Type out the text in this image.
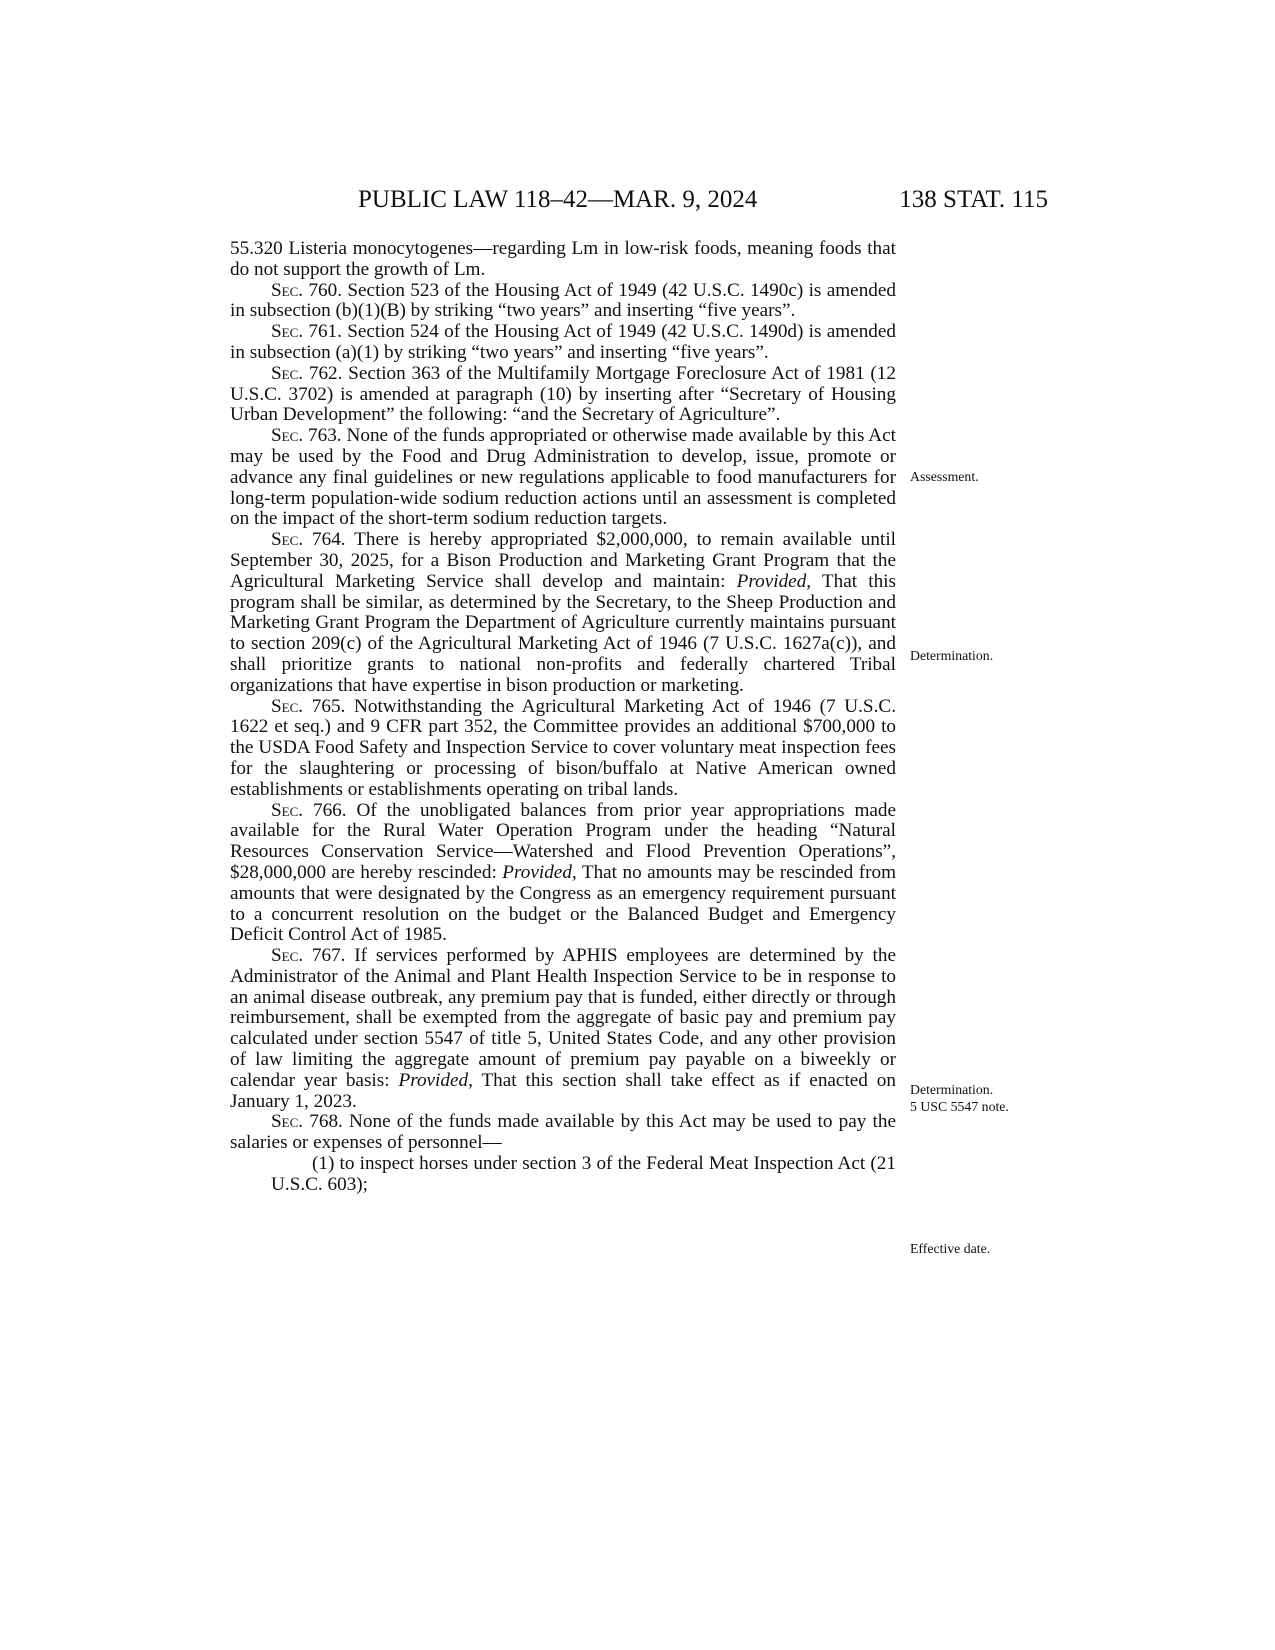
PUBLIC LAW 118–42—MAR. 9, 2024	138 STAT. 115

55.320 Listeria monocytogenes—regarding Lm in low-risk foods, meaning foods that do not support the growth of Lm.

Sec. 760. Section 523 of the Housing Act of 1949 (42 U.S.C. 1490c) is amended in subsection (b)(1)(B) by striking “two years” and inserting “five years”.

Sec. 761. Section 524 of the Housing Act of 1949 (42 U.S.C. 1490d) is amended in subsection (a)(1) by striking “two years” and inserting “five years”.

Sec. 762. Section 363 of the Multifamily Mortgage Foreclosure Act of 1981 (12 U.S.C. 3702) is amended at paragraph (10) by inserting after “Secretary of Housing Urban Development” the following: “and the Secretary of Agriculture”.

Sec. 763. None of the funds appropriated or otherwise made available by this Act may be used by the Food and Drug Administration to develop, issue, promote or advance any final guidelines or new regulations applicable to food manufacturers for long-term population-wide sodium reduction actions until an assessment is completed on the impact of the short-term sodium reduction targets.

Sec. 764. There is hereby appropriated $2,000,000, to remain available until September 30, 2025, for a Bison Production and Marketing Grant Program that the Agricultural Marketing Service shall develop and maintain: Provided, That this program shall be similar, as determined by the Secretary, to the Sheep Production and Marketing Grant Program the Department of Agriculture currently maintains pursuant to section 209(c) of the Agricultural Marketing Act of 1946 (7 U.S.C. 1627a(c)), and shall prioritize grants to national non-profits and federally chartered Tribal organizations that have expertise in bison production or marketing.

Sec. 765. Notwithstanding the Agricultural Marketing Act of 1946 (7 U.S.C. 1622 et seq.) and 9 CFR part 352, the Committee provides an additional $700,000 to the USDA Food Safety and Inspection Service to cover voluntary meat inspection fees for the slaughtering or processing of bison/buffalo at Native American owned establishments or establishments operating on tribal lands.

Sec. 766. Of the unobligated balances from prior year appropriations made available for the Rural Water Operation Program under the heading “Natural Resources Conservation Service—Watershed and Flood Prevention Operations”, $28,000,000 are hereby rescinded: Provided, That no amounts may be rescinded from amounts that were designated by the Congress as an emergency requirement pursuant to a concurrent resolution on the budget or the Balanced Budget and Emergency Deficit Control Act of 1985.

Sec. 767. If services performed by APHIS employees are determined by the Administrator of the Animal and Plant Health Inspection Service to be in response to an animal disease outbreak, any premium pay that is funded, either directly or through reimbursement, shall be exempted from the aggregate of basic pay and premium pay calculated under section 5547 of title 5, United States Code, and any other provision of law limiting the aggregate amount of premium pay payable on a biweekly or calendar year basis: Provided, That this section shall take effect as if enacted on January 1, 2023.

Sec. 768. None of the funds made available by this Act may be used to pay the salaries or expenses of personnel—

(1) to inspect horses under section 3 of the Federal Meat Inspection Act (21 U.S.C. 603);

Assessment.
Determination.
Determination.
5 USC 5547 note.
Effective date.
